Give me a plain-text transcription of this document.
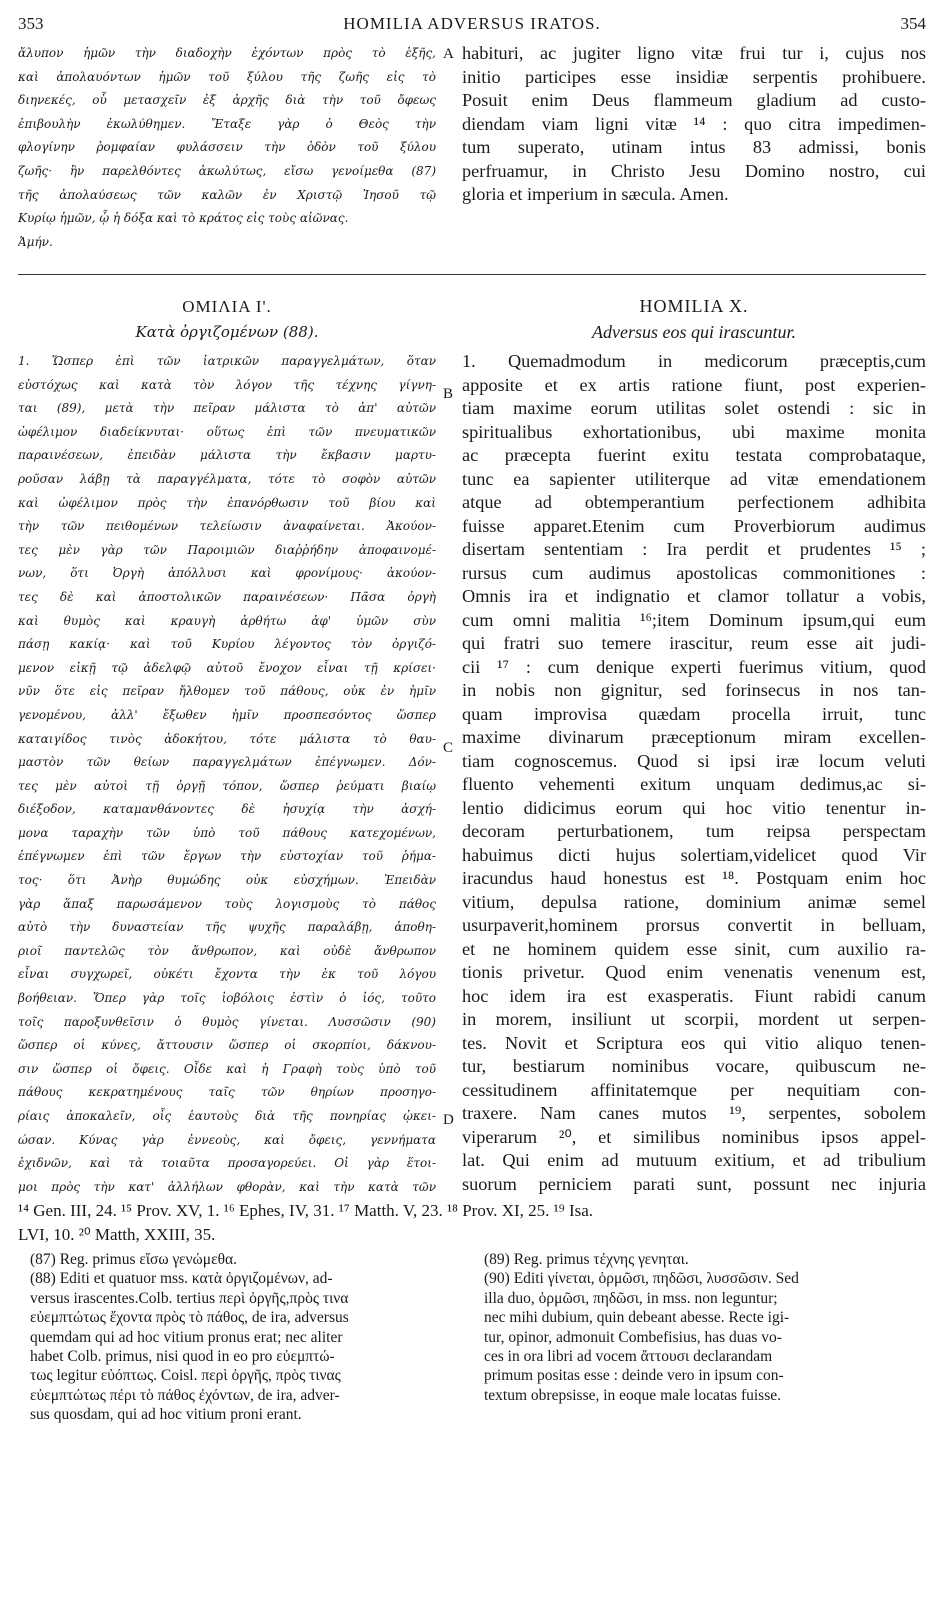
353	HOMILIA ADVERSUS IRATOS.	354
ἄλυπον ἡμῶν τὴν διαδοχὴν ἐχόντων πρὸς τὸ ἑξῆς,
καὶ ἀπολαυόντων ἡμῶν τοῦ ξύλου τῆς ζωῆς εἰς τὸ
διηνεκές, οὗ μετασχεῖν ἐξ ἀρχῆς διὰ τὴν τοῦ ὄφεως
ἐπιβουλὴν ἐκωλύθημεν. Ἔταξε γὰρ ὁ Θεὸς τὴν
φλογίνην ῥομφαίαν φυλάσσειν τὴν ὁδὸν τοῦ ξύλου
ζωῆς· ἣν παρελθόντες ἀκωλύτως, εἴσω γενοίμεθα (87)
τῆς ἀπολαύσεως τῶν καλῶν ἐν Χριστῷ Ἰησοῦ τῷ
Κυρίῳ ἡμῶν, ᾧ ἡ δόξα καὶ τὸ κράτος εἰς τοὺς αἰῶνας.
Ἀμήν.
A habituri, ac jugiter ligno vitæ frui tur i, cujus nos
initio participes esse insidiæ serpentis prohibuere.
Posuit enim Deus flammeum gladium ad custo-
diendam viam ligni vitæ ¹⁴ : quo citra impedimen-
tum superato, utinam intus 83 admissi, bonis
perfruamur, in Christo Jesu Domino nostro, cui
gloria et imperium in sæcula. Amen.
ΟΜΙΛΙΑ Ι'.
Κατὰ ὀργιζομένων (88).
HOMILIA X.
Adversus eos qui irascuntur.
1. Ὥσπερ ἐπὶ τῶν ἰατρικῶν παραγγελμάτων, ὅταν
εὐστόχως καὶ κατὰ τὸν λόγον τῆς τέχνης γίγνη-
ται (89), μετὰ τὴν πεῖραν μάλιστα τὸ ἀπ' αὐτῶν
ὠφέλιμον διαδείκνυται· οὕτως ἐπὶ τῶν πνευματικῶν
παραινέσεων, ἐπειδὰν μάλιστα τὴν ἔκβασιν μαρτυ-
ροῦσαν λάβῃ τὰ παραγγέλματα, τότε τὸ σοφὸν αὐτῶν
καὶ ὠφέλιμον πρὸς τὴν ἐπανόρθωσιν τοῦ βίου καὶ
τὴν τῶν πειθομένων τελείωσιν ἀναφαίνεται. Ἀκούον-
τες μὲν γὰρ τῶν Παροιμιῶν διαῤῥήδην ἀποφαινομέ-
νων, ὅτι Ὀργὴ ἀπόλλυσι καὶ φρονίμους· ἀκούον-
τες δὲ καὶ ἀποστολικῶν παραινέσεων· Πᾶσα ὀργὴ
καὶ θυμὸς καὶ κραυγὴ ἀρθήτω ἀφ' ὑμῶν σὺν
πάσῃ κακίᾳ· καὶ τοῦ Κυρίου λέγοντος τὸν ὀργιζό-
μενον εἰκῇ τῷ ἀδελφῷ αὐτοῦ ἔνοχον εἶναι τῇ κρίσει·
νῦν ὅτε εἰς πεῖραν ἤλθομεν τοῦ πάθους, οὐκ ἐν ἡμῖν
γενομένου, ἀλλ' ἔξωθεν ἡμῖν προσπεσόντος ὥσπερ
καταιγίδος τινὸς ἀδοκήτου, τότε μάλιστα τὸ θαυ-
μαστὸν τῶν θείων παραγγελμάτων ἐπέγνωμεν. Δόν-
τες μὲν αὐτοὶ τῇ ὀργῇ τόπον, ὥσπερ ῥεύματι βιαίῳ
διέξοδον, καταμανθάνοντες δὲ ἡσυχίᾳ τὴν ἀσχή-
μονα ταραχὴν τῶν ὑπὸ τοῦ πάθους κατεχομένων,
ἐπέγνωμεν ἐπὶ τῶν ἔργων τὴν εὐστοχίαν τοῦ ῥήμα-
τος· ὅτι Ἀνὴρ θυμώδης οὐκ εὐσχήμων. Ἐπειδὰν
γὰρ ἅπαξ παρωσάμενον τοὺς λογισμοὺς τὸ πάθος
αὐτὸ τὴν δυναστείαν τῆς ψυχῆς παραλάβῃ, ἀποθη-
ριοῖ παντελῶς τὸν ἄνθρωπον, καὶ οὐδὲ ἄνθρωπον
εἶναι συγχωρεῖ, οὐκέτι ἔχοντα τὴν ἐκ τοῦ λόγου
βοήθειαν. Ὅπερ γὰρ τοῖς ἰοβόλοις ἐστὶν ὁ ἰός, τοῦτο
τοῖς παροξυνθεῖσιν ὁ θυμὸς γίνεται. Λυσσῶσιν (90)
ὥσπερ οἱ κύνες, ἄττουσιν ὥσπερ οἱ σκορπίοι, δάκνου-
σιν ὥσπερ οἱ ὄφεις. Οἶδε καὶ ἡ Γραφὴ τοὺς ὑπὸ τοῦ
πάθους κεκρατημένους ταῖς τῶν θηρίων προσηγο-
ρίαις ἀποκαλεῖν, οἷς ἑαυτοὺς διὰ τῆς πονηρίας ᾠκει-
ώσαν. Κύνας γὰρ ἐννεοὺς, καὶ ὄφεις, γεννήματα
ἐχιδνῶν, καὶ τὰ τοιαῦτα προσαγορεύει. Οἱ γὰρ ἕτοι-
μοι πρὸς τὴν κατ' ἀλλήλων φθορὰν, καὶ τὴν κατὰ τῶν
1. Quemadmodum in medicorum præceptis,cum
apposite et ex artis ratione fiunt, post experien-
tiam maxime eorum utilitas solet ostendi : sic in
spiritualibus exhortationibus, ubi maxime monita
ac præcepta fuerint exitu testata comprobataque,
tunc ea sapienter utiliterque ad vitæ emendationem
atque ad obtemperantium perfectionem adhibita
fuisse apparet.Etenim cum Proverbiorum audimus
disertam sententiam : Ira perdit et prudentes ¹⁵ ;
rursus cum audimus apostolicas commonitiones :
Omnis ira et indignatio et clamor tollatur a vobis,
cum omni malitia ¹⁶;item Dominum ipsum,qui eum
qui fratri suo temere irascitur, reum esse ait judi-
cii ¹⁷ : cum denique experti fuerimus vitium, quod
in nobis non gignitur, sed forinsecus in nos tan-
quam improvisa quædam procella irruit, tunc
maxime divinarum præceptionum miram excellen-
tiam cognoscemus. Quod si ipsi iræ locum veluti
fluento vehementi exitum unquam dedimus,ac si-
lentio didicimus eorum qui hoc vitio tenentur in-
decoram perturbationem, tum reipsa perspectam
habuimus dicti hujus solertiam,videlicet quod Vir
iracundus haud honestus est ¹⁸. Postquam enim hoc
vitium, depulsa ratione, dominium animæ semel
usurpaverit,hominem prorsus convertit in belluam,
et ne hominem quidem esse sinit, cum auxilio ra-
tionis privetur. Quod enim venenatis venenum est,
hoc idem ira est exasperatis. Fiunt rabidi canum
in morem, insiliunt ut scorpii, mordent ut serpen-
tes. Novit et Scriptura eos qui vitio aliquo tenen-
tur, bestiarum nominibus vocare, quibuscum ne-
cessitudinem affinitatemque per nequitiam con-
traxere. Nam canes mutos ¹⁹, serpentes, sobolem
viperarum ²⁰, et similibus nominibus ipsos appel-
lat. Qui enim ad mutuum exitium, et ad tribulium
suorum perniciem parati sunt, possunt nec injuria
B
C
D
¹⁴ Gen. III, 24. ¹⁵ Prov. XV, 1. ¹⁶ Ephes, IV, 31. ¹⁷ Matth. V, 23. ¹⁸ Prov. XI, 25. ¹⁹ Isa.
LVI, 10. ²⁰ Matth, XXIII, 35.
(87) Reg. primus εἴσω γενώμεθα.
(88) Editi et quatuor mss. κατὰ ὀργιζομένων, ad-
versus irascentes.Colb. tertius περὶ ὀργῆς,πρὸς τινα
εὐεμπτώτως ἔχοντα πρὸς τὸ πάθος, de ira, adversus
quemdam qui ad hoc vitium pronus erat; nec aliter
habet Colb. primus, nisi quod in eo pro εὐεμπτώ-
τως legitur εὐόπτως. Coisl. περὶ ὀργῆς, πρὸς τινας
εὐεμπτώτως πέρι τὸ πάθος ἐχόντων, de ira, adver-
sus quosdam, qui ad hoc vitium proni erant.
(89) Reg. primus τέχνης γενηται.
(90) Editi γίνεται, ὁρμῶσι, πηδῶσι, λυσσῶσιν. Sed
illa duo, ὁρμῶσι, πηδῶσι, in mss. non leguntur;
nec mihi dubium, quin debeant abesse. Recte igi-
tur, opinor, admonuit Combefisius, has duas vo-
ces in ora libri ad vocem ἄττουσι declarandam
primum positas esse : deinde vero in ipsum con-
textum obrepsisse, in eoque male locatas fuisse.
